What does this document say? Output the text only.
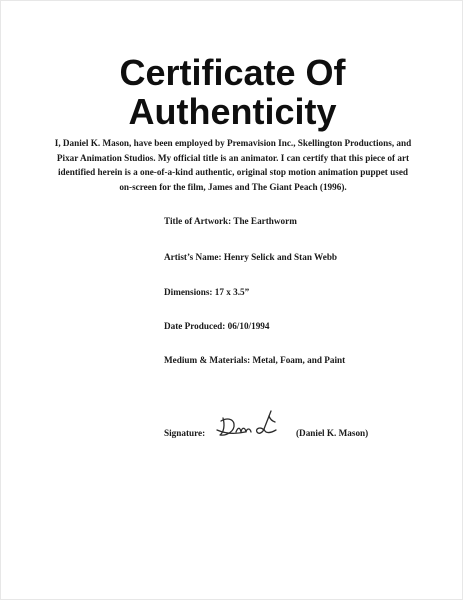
Certificate Of
Authenticity

I, Daniel K. Mason, have been employed by Premavision Inc., Skellington Productions, and
Pixar Animation Studios. My official title is an animator. I can certify that this piece of art
identified herein is a one-of-a-kind authentic, original stop motion animation puppet used
on-screen for the film, James and The Giant Peach (1996).

Title of Artwork: The Earthworm

Artist’s Name: Henry Selick and Stan Webb

Dimensions: 17 x 3.5”

Date Produced: 06/10/1994

Medium & Materials: Metal, Foam, and Paint

Signature:	(Daniel K. Mason)
